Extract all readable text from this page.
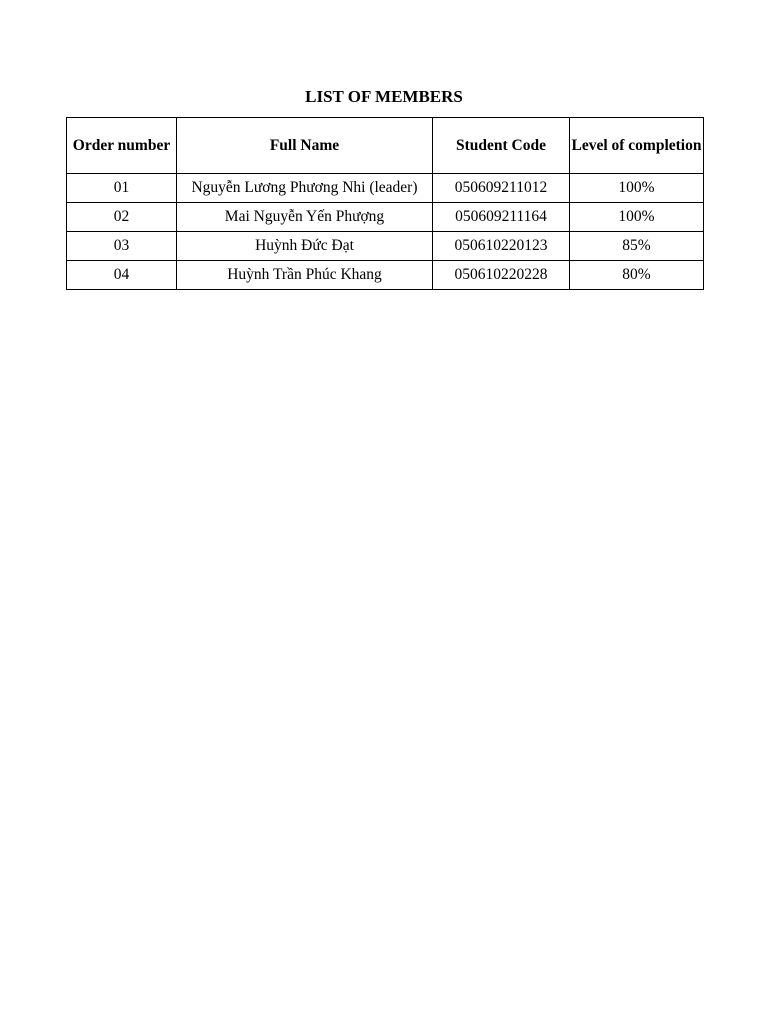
LIST OF MEMBERS
Order number	Full Name	Student Code	Level of completion
01	Nguyễn Lương Phương Nhi (leader)	050609211012	100%
02	Mai Nguyễn Yến Phượng	050609211164	100%
03	Huỳnh Đức Đạt	050610220123	85%
04	Huỳnh Trần Phúc Khang	050610220228	80%
